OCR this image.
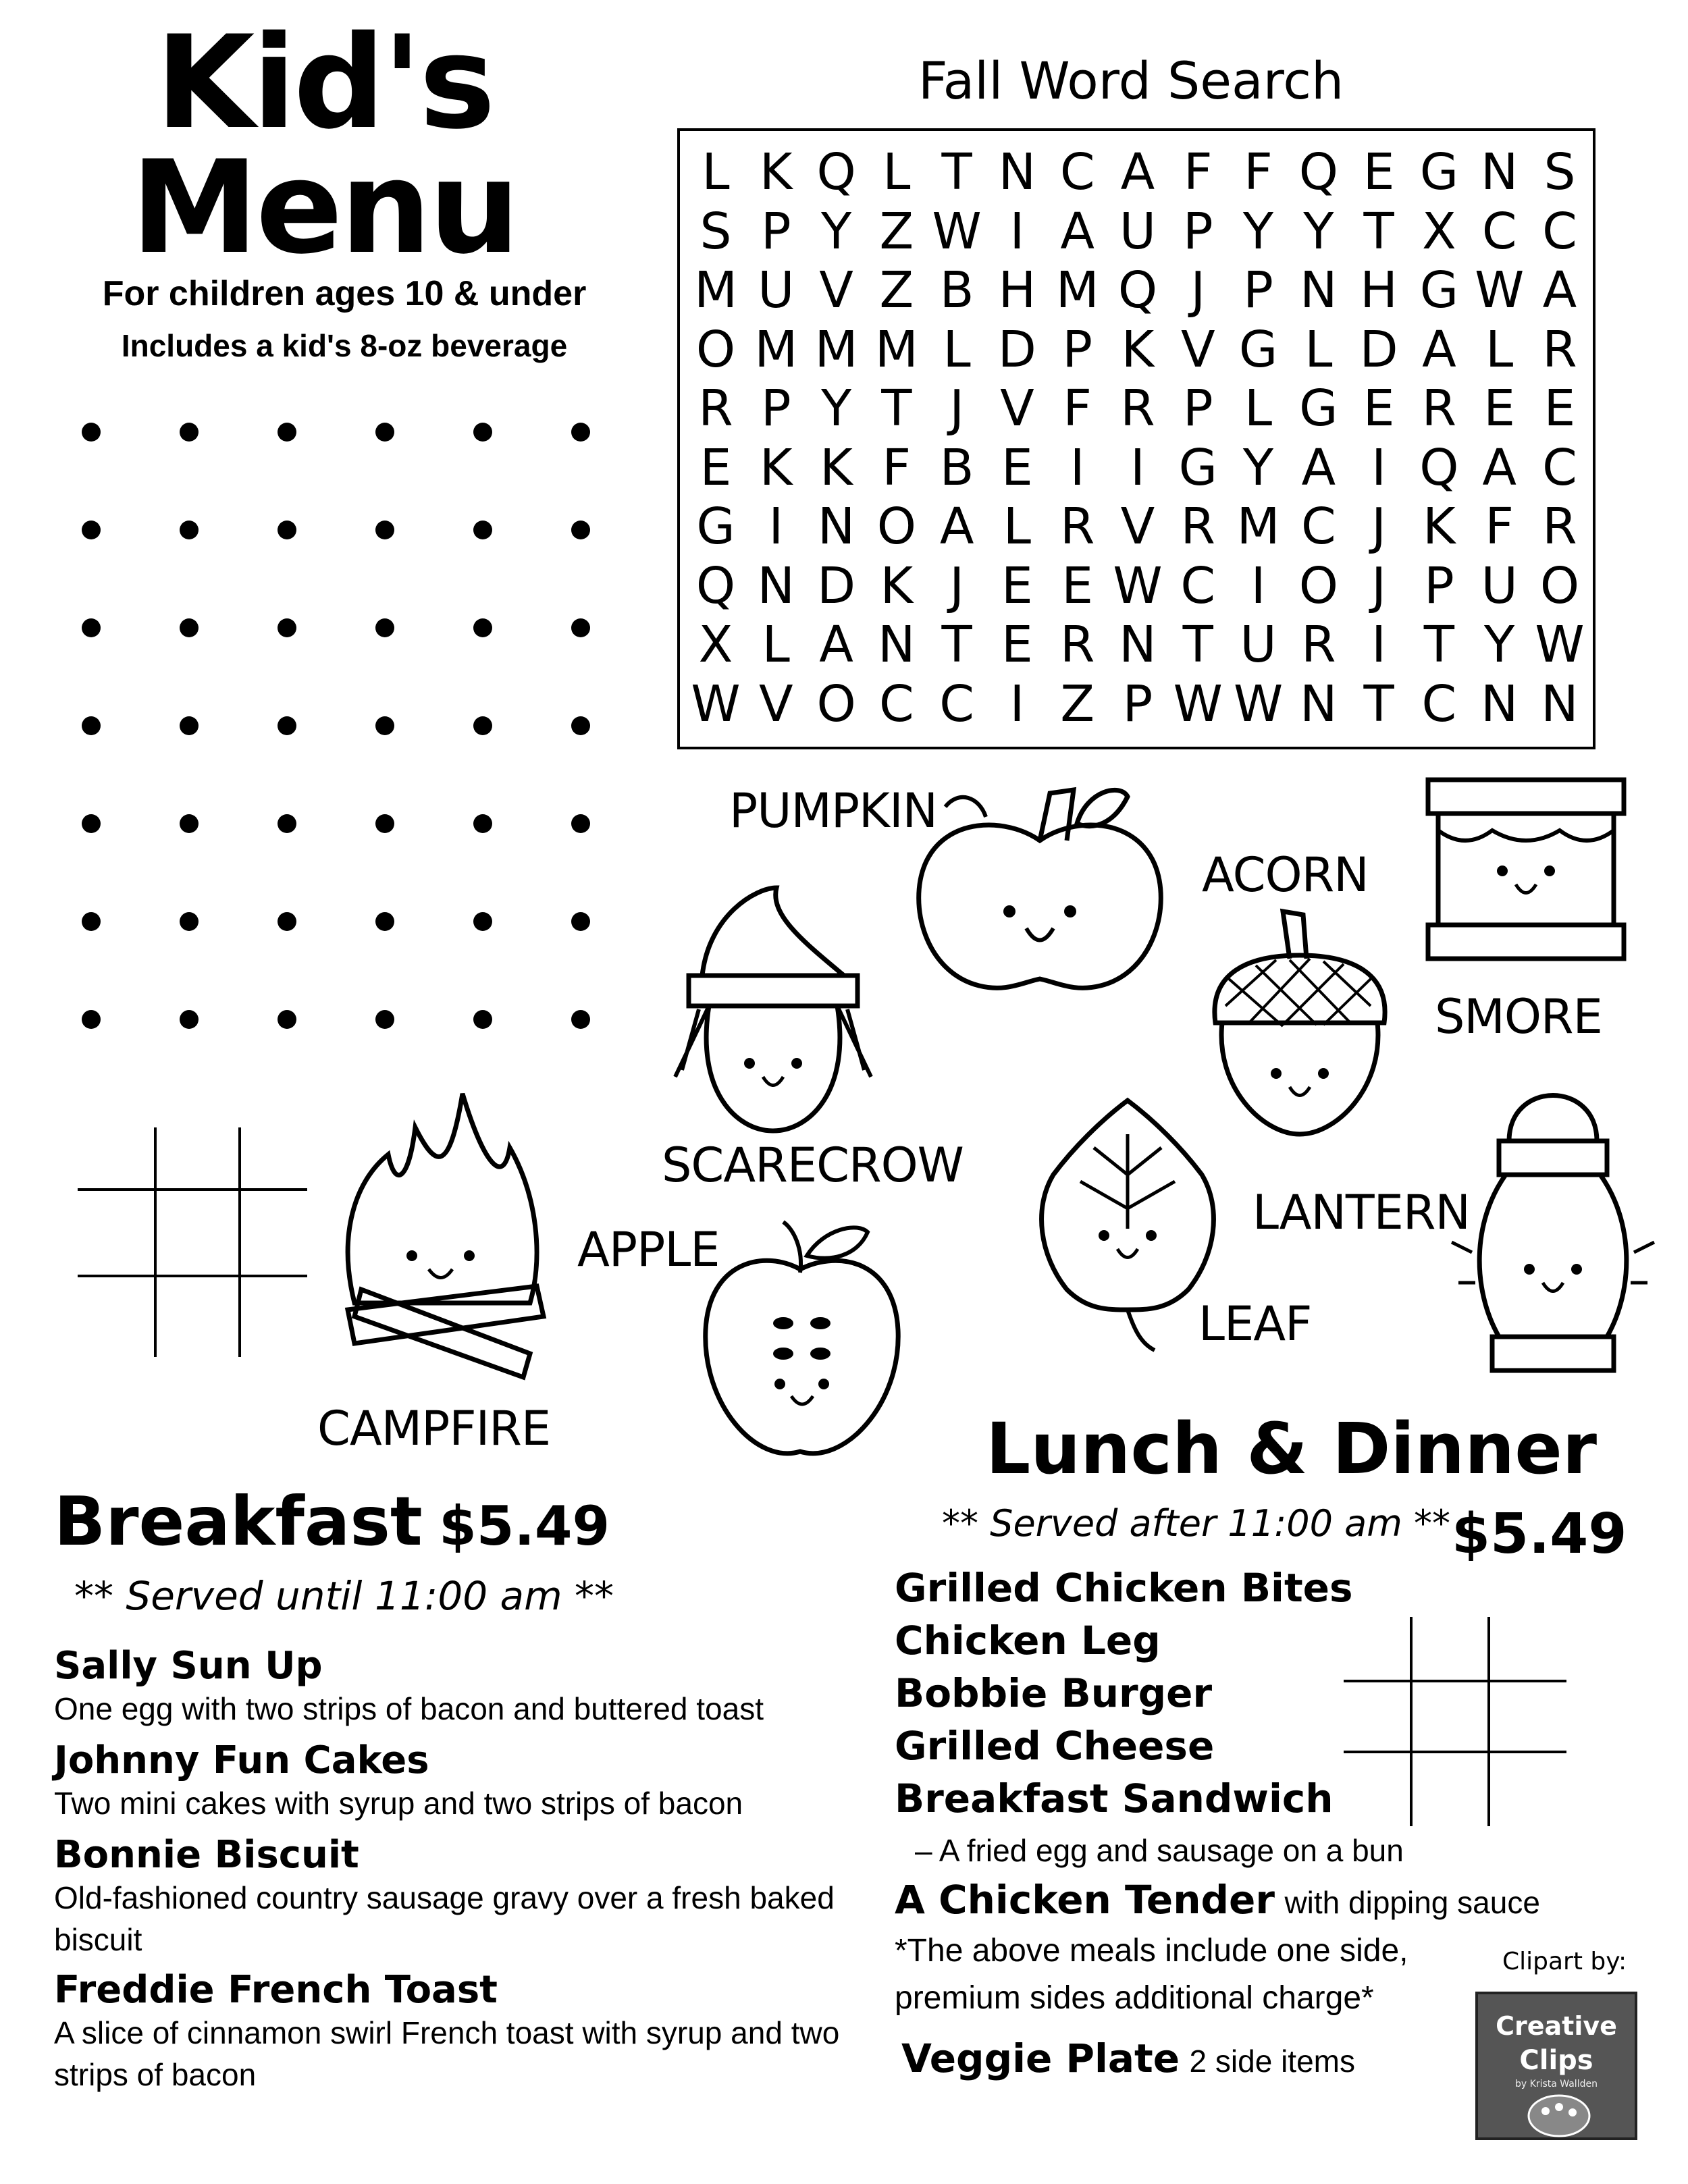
Kid's
Menu
For children ages 10 & under
Includes a kid's 8-oz beverage
Fall Word Search
L K Q L T N C A F F Q E G N S
S P Y Z W I A U P Y Y T X C C
M U V Z B H M Q J P N H G W A
O M M M L D P K V G L D A L R
R P Y T J V F R P L G E R E E
E K K F B E I I G Y A I Q A C
G I N O A L R V R M C J K F R
Q N D K J E E W C I O J P U O
X L A N T E R N T U R I T Y W
W V O C C I Z P W W N T C N N
PUMPKIN
ACORN
SMORE
SCARECROW
CAMPFIRE
APPLE
LEAF
LANTERN
Breakfast $5.49
** Served until 11:00 am **
Sally Sun Up
One egg with two strips of bacon and buttered toast
Johnny Fun Cakes
Two mini cakes with syrup and two strips of bacon
Bonnie Biscuit
Old-fashioned country sausage gravy over a fresh baked biscuit
Freddie French Toast
A slice of cinnamon swirl French toast with syrup and two strips of bacon
Lunch & Dinner
** Served after 11:00 am ** $5.49
Grilled Chicken Bites
Chicken Leg
Bobbie Burger
Grilled Cheese
Breakfast Sandwich
– A fried egg and sausage on a bun
A Chicken Tender with dipping sauce
*The above meals include one side,
premium sides additional charge*
Veggie Plate 2 side items
Clipart by:
Creative
Clips
by Krista Wallden
